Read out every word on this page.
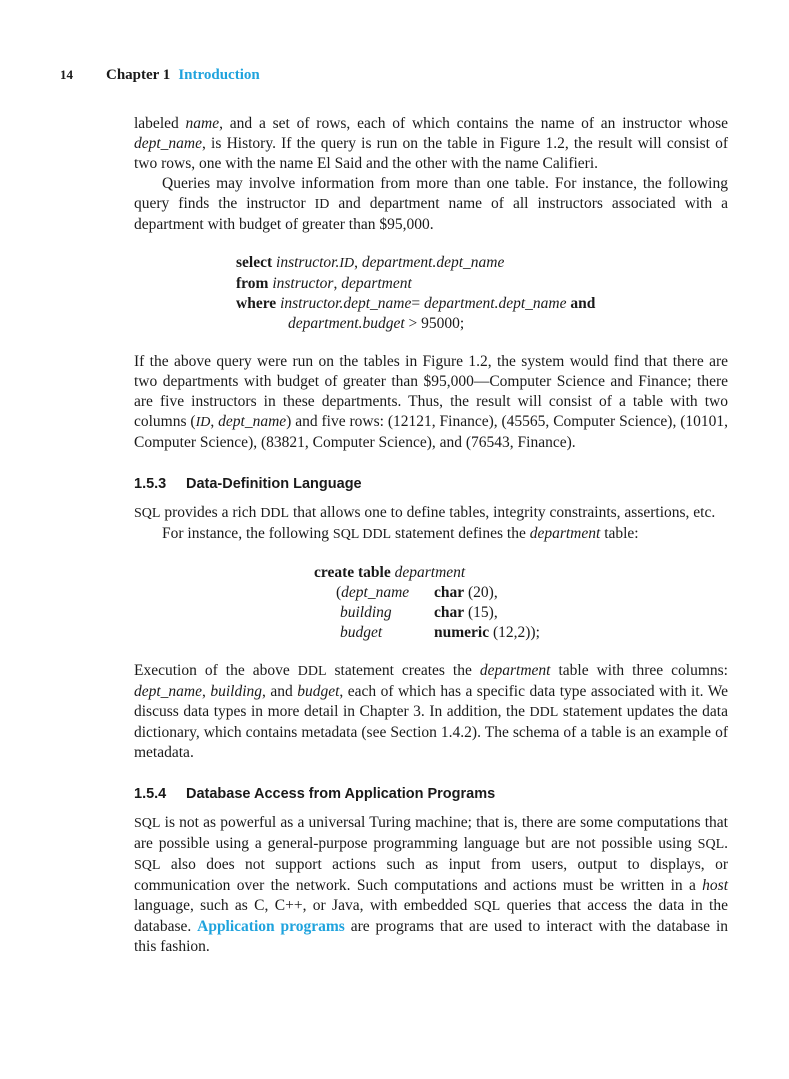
14 Chapter 1 Introduction

labeled name, and a set of rows, each of which contains the name of an instructor whose dept_name, is History. If the query is run on the table in Figure 1.2, the result will consist of two rows, one with the name El Said and the other with the name Califieri.

Queries may involve information from more than one table. For instance, the following query finds the instructor ID and department name of all instructors associated with a department with budget of greater than $95,000.

select instructor.ID, department.dept_name
from instructor, department
where instructor.dept_name= department.dept_name and
department.budget > 95000;

If the above query were run on the tables in Figure 1.2, the system would find that there are two departments with budget of greater than $95,000—Computer Science and Finance; there are five instructors in these departments. Thus, the result will consist of a table with two columns (ID, dept_name) and five rows: (12121, Finance), (45565, Computer Science), (10101, Computer Science), (83821, Computer Science), and (76543, Finance).

1.5.3 Data-Definition Language

SQL provides a rich DDL that allows one to define tables, integrity constraints, assertions, etc.

For instance, the following SQL DDL statement defines the department table:

create table department
(dept_name char (20),
building	char (15),
budget	numeric (12,2));

Execution of the above DDL statement creates the department table with three columns: dept_name, building, and budget, each of which has a specific data type associated with it. We discuss data types in more detail in Chapter 3. In addition, the DDL statement updates the data dictionary, which contains metadata (see Section 1.4.2). The schema of a table is an example of metadata.

1.5.4 Database Access from Application Programs

SQL is not as powerful as a universal Turing machine; that is, there are some computations that are possible using a general-purpose programming language but are not possible using SQL. SQL also does not support actions such as input from users, output to displays, or communication over the network. Such computations and actions must be written in a host language, such as C, C++, or Java, with embedded SQL queries that access the data in the database. Application programs are programs that are used to interact with the database in this fashion.
